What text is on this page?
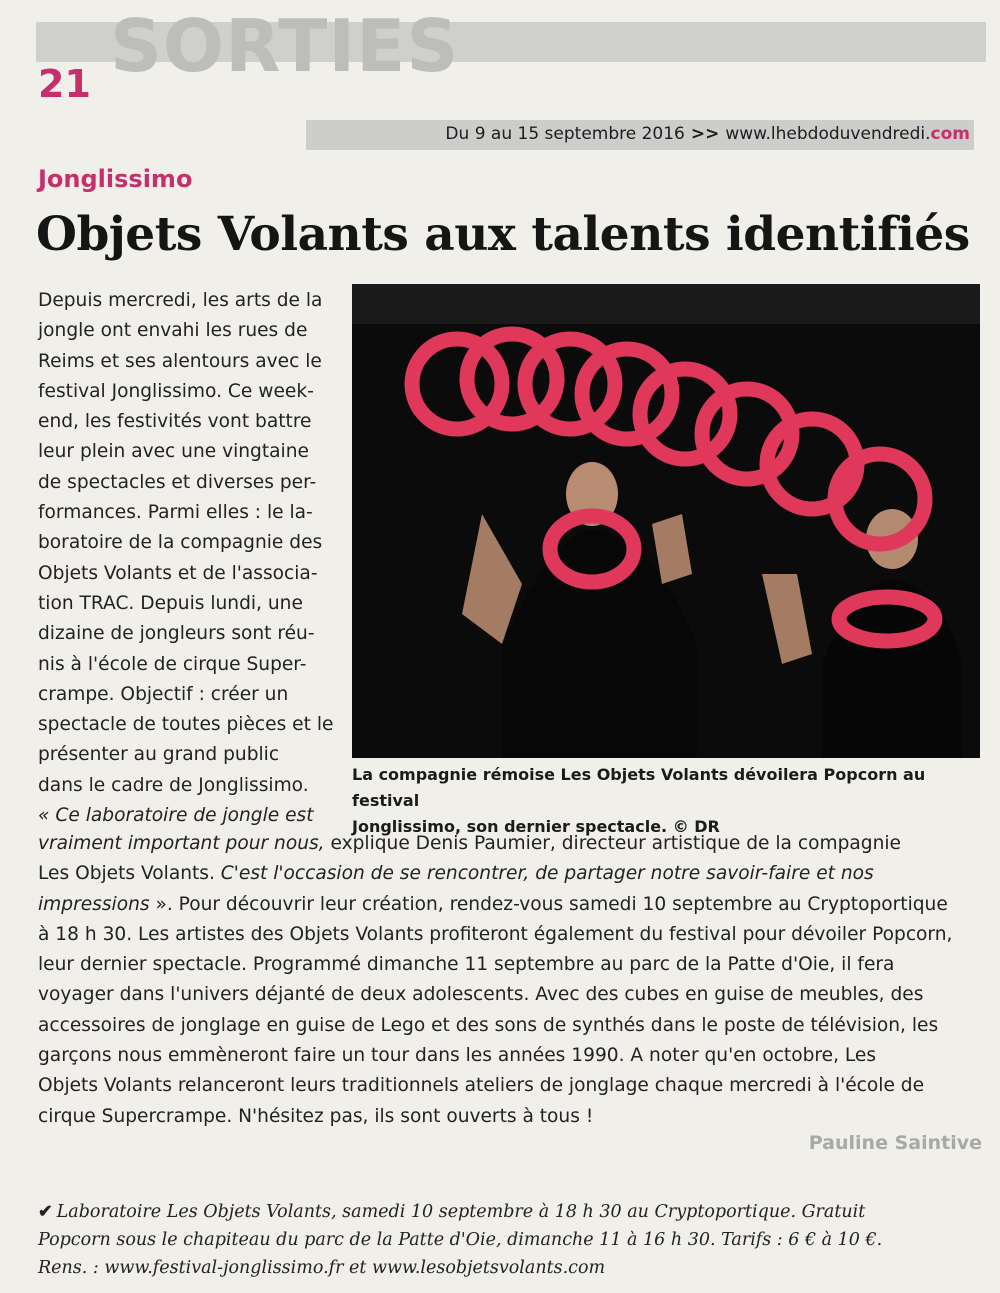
SORTIES
21
Du 9 au 15 septembre 2016 >> www.lhebdoduvendredi.com
Jonglissimo
Objets Volants aux talents identifiés
Depuis mercredi, les arts de la
jongle ont envahi les rues de
Reims et ses alentours avec le
festival Jonglissimo. Ce week-
end, les festivités vont battre
leur plein avec une vingtaine
de spectacles et diverses per-
formances. Parmi elles : le la-
boratoire de la compagnie des
Objets Volants et de l'associa-
tion TRAC. Depuis lundi, une
dizaine de jongleurs sont réu-
nis à l'école de cirque Super-
crampe. Objectif : créer un
spectacle de toutes pièces et le
présenter au grand public
dans le cadre de Jonglissimo.
« Ce laboratoire de jongle est
La compagnie rémoise Les Objets Volants dévoilera Popcorn au festival
Jonglissimo, son dernier spectacle. © DR
vraiment important pour nous, explique Denis Paumier, directeur artistique de la compagnie
Les Objets Volants. C'est l'occasion de se rencontrer, de partager notre savoir-faire et nos
impressions ». Pour découvrir leur création, rendez-vous samedi 10 septembre au Cryptoportique
à 18 h 30. Les artistes des Objets Volants profiteront également du festival pour dévoiler Popcorn,
leur dernier spectacle. Programmé dimanche 11 septembre au parc de la Patte d'Oie, il fera
voyager dans l'univers déjanté de deux adolescents. Avec des cubes en guise de meubles, des
accessoires de jonglage en guise de Lego et des sons de synthés dans le poste de télévision, les
garçons nous emmèneront faire un tour dans les années 1990. A noter qu'en octobre, Les
Objets Volants relanceront leurs traditionnels ateliers de jonglage chaque mercredi à l'école de
cirque Supercrampe. N'hésitez pas, ils sont ouverts à tous !
Pauline Saintive
✔ Laboratoire Les Objets Volants, samedi 10 septembre à 18 h 30 au Cryptoportique. Gratuit
Popcorn sous le chapiteau du parc de la Patte d'Oie, dimanche 11 à 16 h 30. Tarifs : 6 € à 10 €.
Rens. : www.festival-jonglissimo.fr et www.lesobjetsvolants.com
